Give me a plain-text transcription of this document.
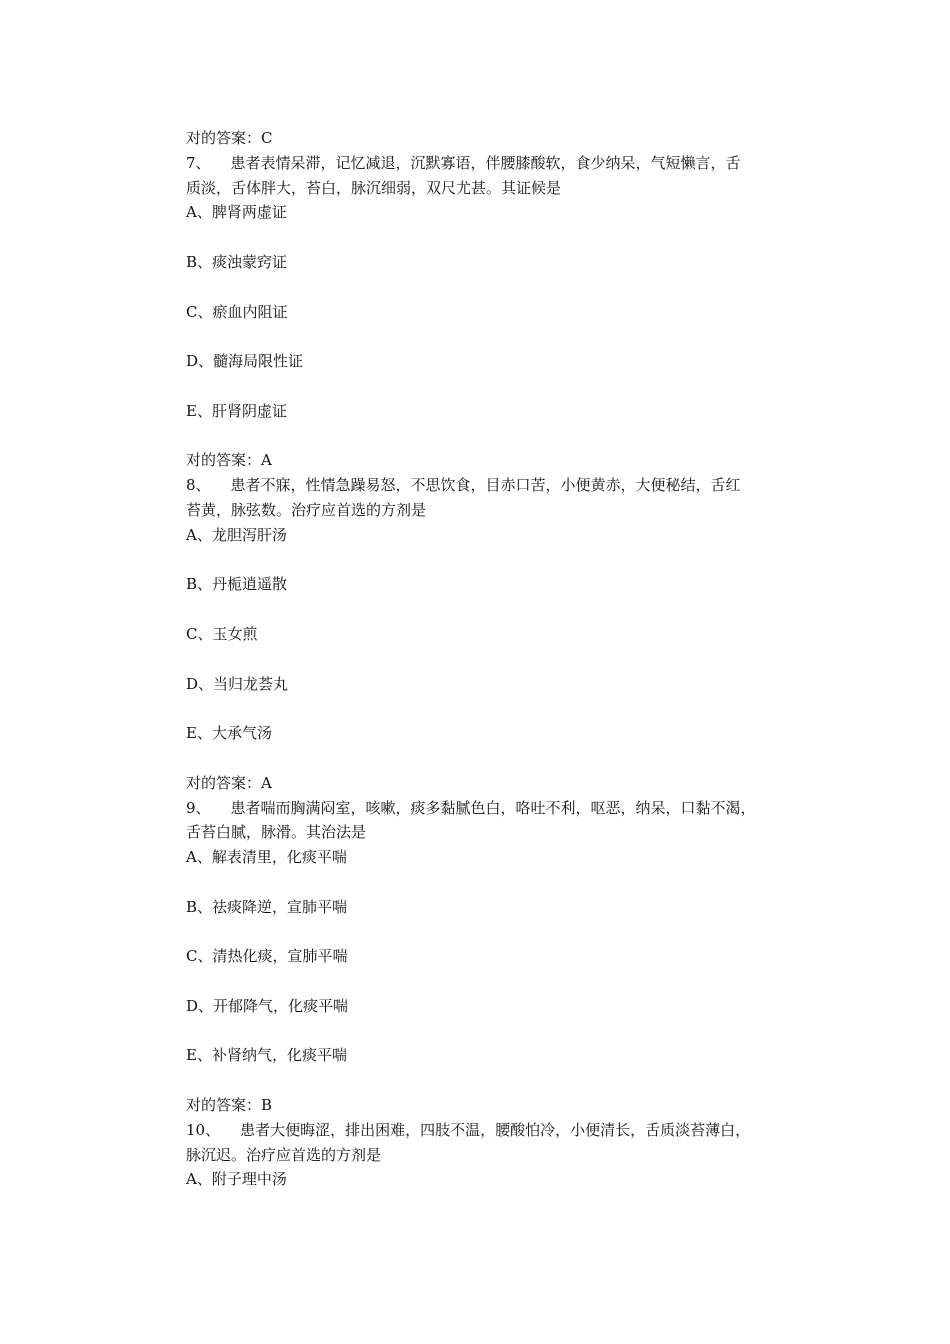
对的答案：C
7、 患者表情呆滞，记忆减退，沉默寡语，伴腰膝酸软，食少纳呆，气短懒言，舌
质淡，舌体胖大，苔白，脉沉细弱，双尺尤甚。其证候是
A、脾肾两虚证
B、痰浊蒙窍证
C、瘀血内阻证
D、髓海局限性证
E、肝肾阴虚证
对的答案：A
8、 患者不寐，性情急躁易怒，不思饮食，目赤口苦，小便黄赤，大便秘结，舌红
苔黄，脉弦数。治疗应首选的方剂是
A、龙胆泻肝汤
B、丹栀逍遥散
C、玉女煎
D、当归龙荟丸
E、大承气汤
对的答案：A
9、 患者喘而胸满闷室，咳嗽，痰多黏腻色白，咯吐不利，呕恶，纳呆，口黏不渴，
舌苔白腻，脉滑。其治法是
A、解表清里，化痰平喘
B、祛痰降逆，宣肺平喘
C、清热化痰，宣肺平喘
D、开郁降气，化痰平喘
E、补肾纳气，化痰平喘
对的答案：B
10、 患者大便晦涩，排出困难，四肢不温，腰酸怕冷，小便清长，舌质淡苔薄白，
脉沉迟。治疗应首选的方剂是
A、附子理中汤
